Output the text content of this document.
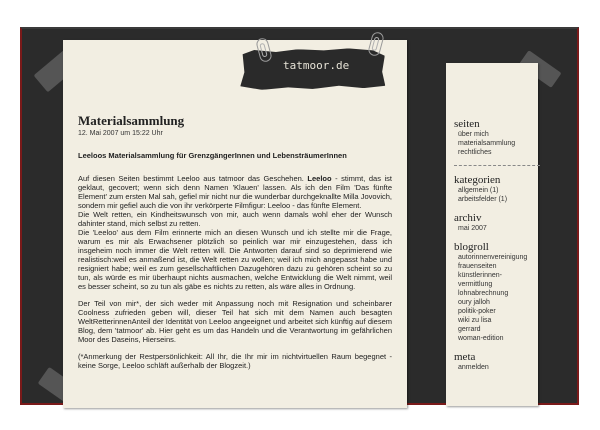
tatmoor.de
Materialsammlung
12. Mai 2007 um 15:22 Uhr
Leeloos Materialsammlung für GrenzgängerInnen und LebensträumerInnen

Auf diesen Seiten bestimmt Leeloo aus tatmoor das Geschehen. Leeloo - stimmt, das ist geklaut, gecovert; wenn sich denn Namen 'Klauen' lassen. Als ich den Film 'Das fünfte Element' zum ersten Mal sah, gefiel mir nicht nur die wunderbar durchgeknallte Milla Jovovich, sondern mir gefiel auch die von ihr verkörperte Filmfigur: Leeloo - das fünfte Element.

Die Welt retten, ein Kindheitswunsch von mir, auch wenn damals wohl eher der Wunsch dahinter stand, mich selbst zu retten.

Die 'Leeloo' aus dem Film erinnerte mich an diesen Wunsch und ich stellte mir die Frage, warum es mir als Erwachsener plötzlich so peinlich war mir einzugestehen, dass ich insgeheim noch immer die Welt retten will. Die Antworten darauf sind so deprimierend wie realistisch:weil es anmaßend ist, die Welt retten zu wollen; weil ich mich angepasst habe und resigniert habe; weil es zum gesellschaftlichen Dazugehören dazu zu gehören scheint so zu tun, als würde es mir überhaupt nichts ausmachen, welche Entwicklung die Welt nimmt, weil es besser scheint, so zu tun als gäbe es nichts zu retten, als wäre alles in Ordnung.

Der Teil von mir*, der sich weder mit Anpassung noch mit Resignation und scheinbarer Coolness zufrieden geben will, dieser Teil hat sich mit dem Namen auch besagten WeltRetterinnenAnteil der Identität von Leeloo angeeignet und arbeitet sich künftig auf diesem Blog, dem 'tatmoor' ab. Hier geht es um das Handeln und die Verantwortung im gefährlichen Moor des Daseins, Hierseins.

(*Anmerkung der Restpersönlichkeit: All Ihr, die Ihr mir im nichtvirtuellen Raum begegnet - keine Sorge, Leeloo schläft außerhalb der Blogzeit.)

seiten
über mich
materialsammlung
rechtliches
kategorien
allgemein (1)
arbeitsfelder (1)
archiv
mai 2007
blogroll
autorinnenvereinigung
frauenseiten
künstlerinnen-
vermittlung
lohnabrechnung
oury jalloh
politik-poker
wiki zu lisa
gerrard
woman-edition
meta
anmelden
